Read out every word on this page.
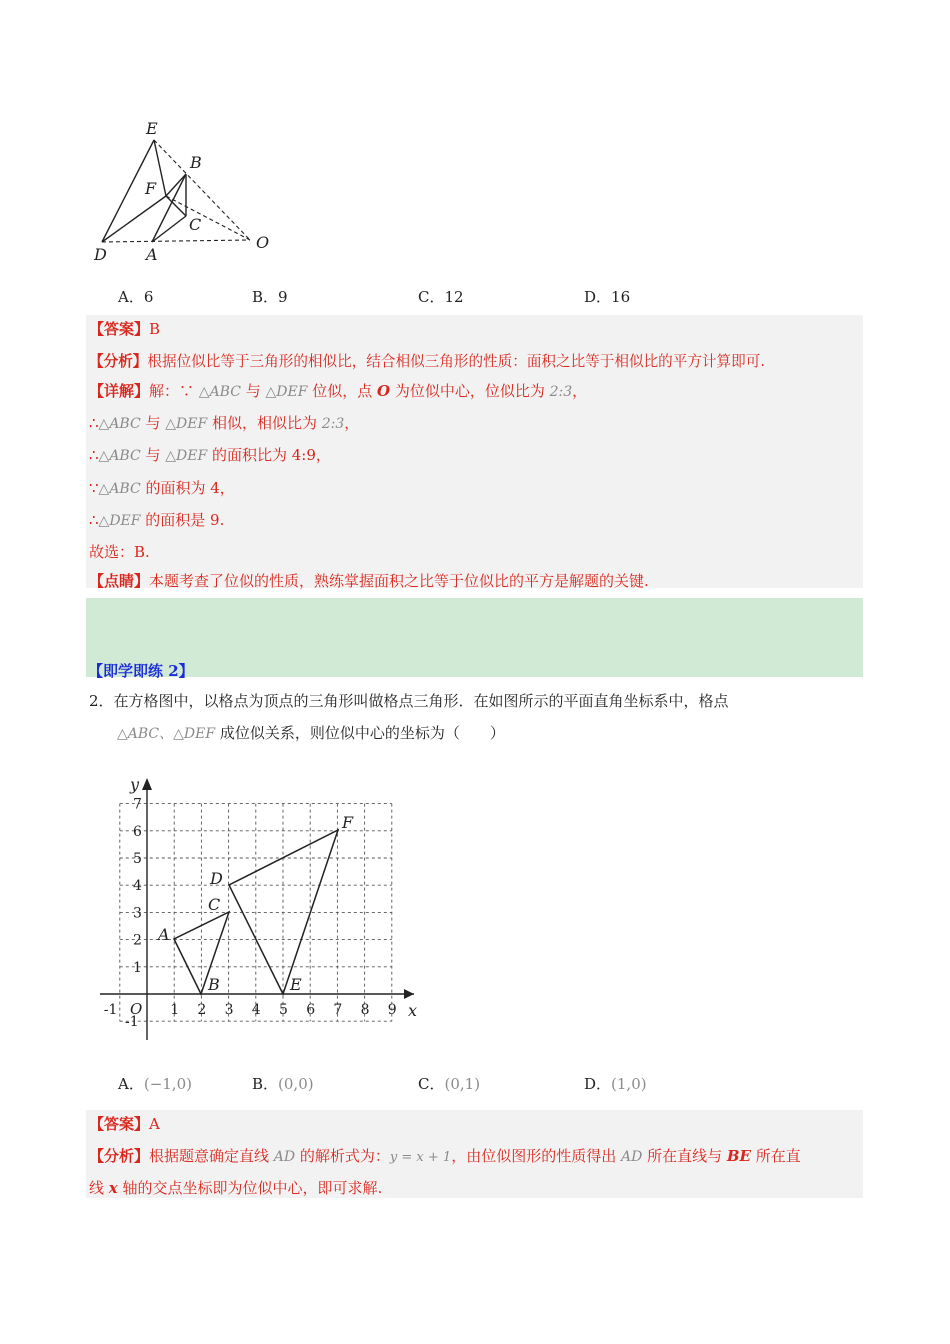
E
B
F
C
D A
O
A．6	B．9	C．12	D．16
【答案】B
【分析】根据位似比等于三角形的相似比，结合相似三角形的性质：面积之比等于相似比的平方计算即可.
【详解】解：∵ △ABC 与 △DEF 位似，点 O 为位似中心，位似比为 2:3，
∴△ABC 与 △DEF 相似，相似比为 2:3，
∴△ABC 与 △DEF 的面积比为 4:9，
∵△ABC 的面积为 4，
∴△DEF 的面积是 9.
故选：B.
【点睛】本题考查了位似的性质，熟练掌握面积之比等于位似比的平方是解题的关键.
【即学即练 2】
2．在方格图中，以格点为顶点的三角形叫做格点三角形．在如图所示的平面直角坐标系中，格点
△ABC、△DEF 成位似关系，则位似中心的坐标为（　　）
-1	1 2 3 4 5 6 7 8 9
-1
1
2
3
4
5
6
7
A
B
C
D
E
F
y
x
O
A．(−1,0)	B．(0,0)	C．(0,1)	D．(1,0)
【答案】A
【分析】根据题意确定直线 AD 的解析式为：y = x + 1，由位似图形的性质得出 AD 所在直线与 BE 所在直
线 x 轴的交点坐标即为位似中心，即可求解.
